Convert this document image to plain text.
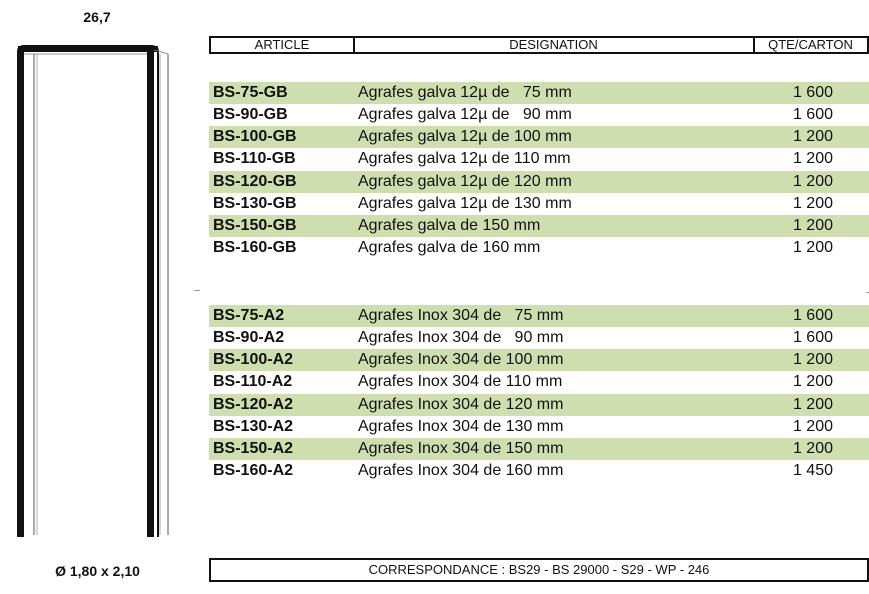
26,7
Ø 1,80 x 2,10
ARTICLE	DESIGNATION	QTE/CARTON
BS-75-GB	Agrafes galva 12µ de   75 mm	1 600
BS-90-GB	Agrafes galva 12µ de   90 mm	1 600
BS-100-GB	Agrafes galva 12µ de 100 mm	1 200
BS-110-GB	Agrafes galva 12µ de 110 mm	1 200
BS-120-GB	Agrafes galva 12µ de 120 mm	1 200
BS-130-GB	Agrafes galva 12µ de 130 mm	1 200
BS-150-GB	Agrafes galva de 150 mm	1 200
BS-160-GB	Agrafes galva de 160 mm	1 200
BS-75-A2	Agrafes Inox 304 de   75 mm	1 600
BS-90-A2	Agrafes Inox 304 de   90 mm	1 600
BS-100-A2	Agrafes Inox 304 de 100 mm	1 200
BS-110-A2	Agrafes Inox 304 de 110 mm	1 200
BS-120-A2	Agrafes Inox 304 de 120 mm	1 200
BS-130-A2	Agrafes Inox 304 de 130 mm	1 200
BS-150-A2	Agrafes Inox 304 de 150 mm	1 200
BS-160-A2	Agrafes Inox 304 de 160 mm	1 450
CORRESPONDANCE : BS29 - BS 29000 - S29 - WP - 246
